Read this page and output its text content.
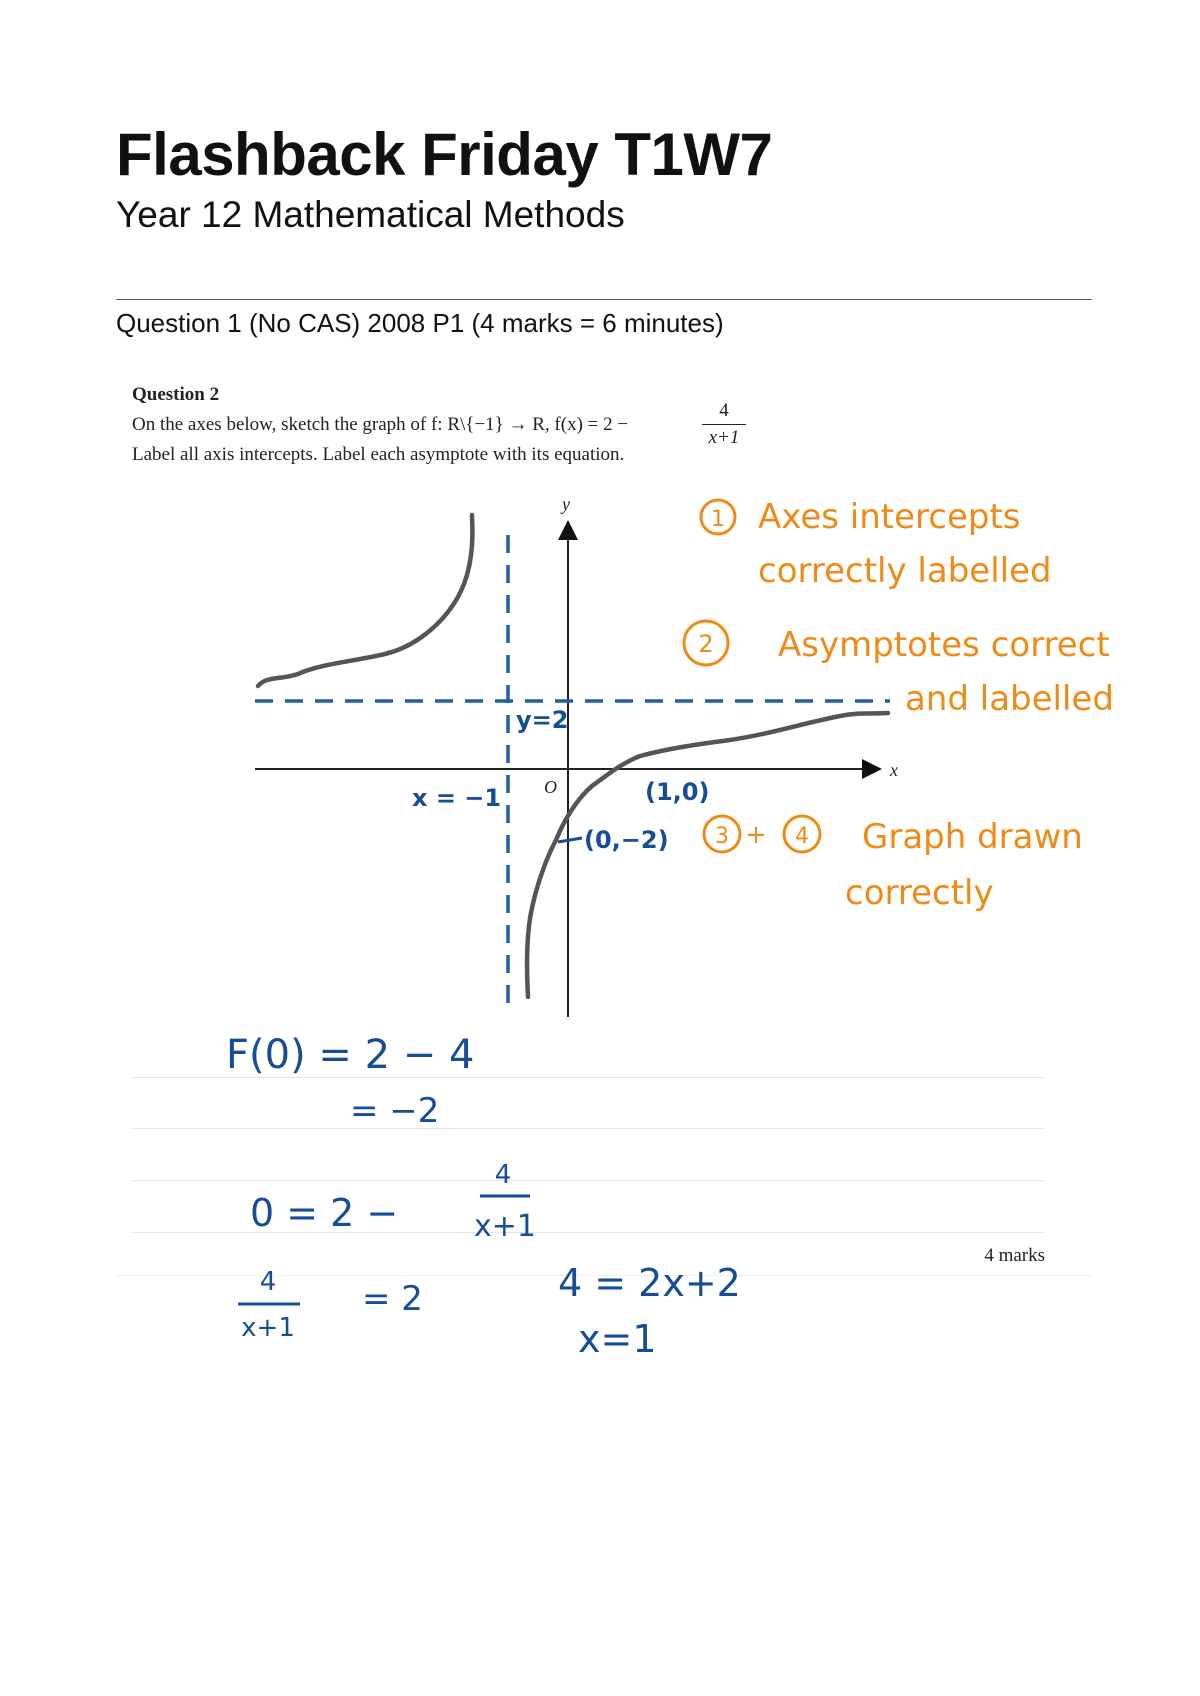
Flashback Friday T1W7
Year 12 Mathematical Methods
Question 1 (No CAS) 2008 P1 (4 marks = 6 minutes)
Question 2
On the axes below, sketch the graph of f: R\{−1} → R, f(x) = 2 −
4
x+1
Label all axis intercepts. Label each asymptote with its equation.
4 marks
x
y
O
y=2
x = −1	(1,0)
(0,−2)
1 Axes intercepts
correctly labelled
2 Asymptotes correct
and labelled
3 + 4 Graph drawn
correctly
F(0) = 2 − 4
= −2
0 = 2 −
4
x+1
4
x+1
= 2	4 = 2x+2
x=1
